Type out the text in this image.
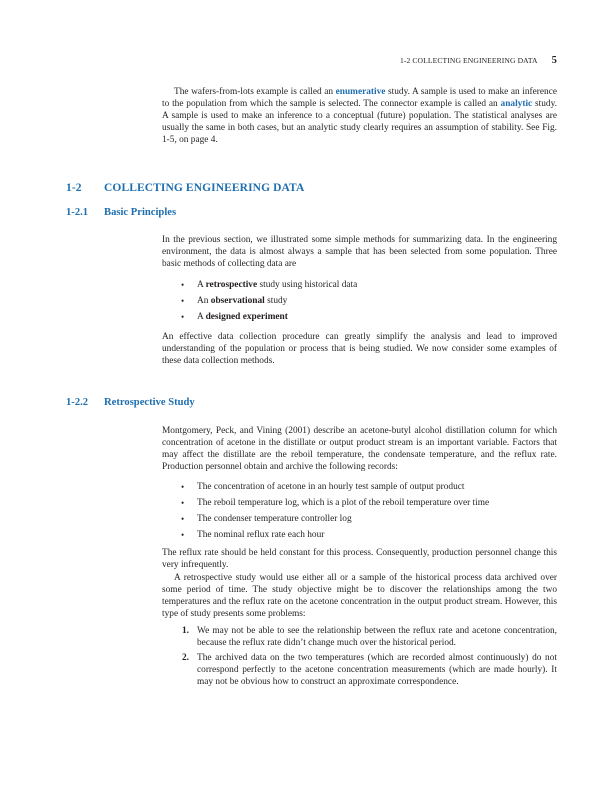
1-2 COLLECTING ENGINEERING DATA 5

The wafers-from-lots example is called an enumerative study. A sample is used to make an inference to the population from which the sample is selected. The connector example is called an analytic study. A sample is used to make an inference to a conceptual (future) population. The statistical analyses are usually the same in both cases, but an analytic study clearly requires an assumption of stability. See Fig. 1-5, on page 4.

1-2 COLLECTING ENGINEERING DATA
1-2.1 Basic Principles

In the previous section, we illustrated some simple methods for summarizing data. In the engineering environment, the data is almost always a sample that has been selected from some population. Three basic methods of collecting data are

• A retrospective study using historical data
• An observational study
• A designed experiment

An effective data collection procedure can greatly simplify the analysis and lead to improved understanding of the population or process that is being studied. We now consider some examples of these data collection methods.

1-2.2 Retrospective Study

Montgomery, Peck, and Vining (2001) describe an acetone-butyl alcohol distillation column for which concentration of acetone in the distillate or output product stream is an important variable. Factors that may affect the distillate are the reboil temperature, the condensate temperature, and the reflux rate. Production personnel obtain and archive the following records:

• The concentration of acetone in an hourly test sample of output product
• The reboil temperature log, which is a plot of the reboil temperature over time
• The condenser temperature controller log
• The nominal reflux rate each hour

The reflux rate should be held constant for this process. Consequently, production personnel change this very infrequently.

A retrospective study would use either all or a sample of the historical process data archived over some period of time. The study objective might be to discover the relationships among the two temperatures and the reflux rate on the acetone concentration in the output product stream. However, this type of study presents some problems:

1. We may not be able to see the relationship between the reflux rate and acetone concentration, because the reflux rate didn’t change much over the historical period.
2. The archived data on the two temperatures (which are recorded almost continuously) do not correspond perfectly to the acetone concentration measurements (which are made hourly). It may not be obvious how to construct an approximate correspondence.
